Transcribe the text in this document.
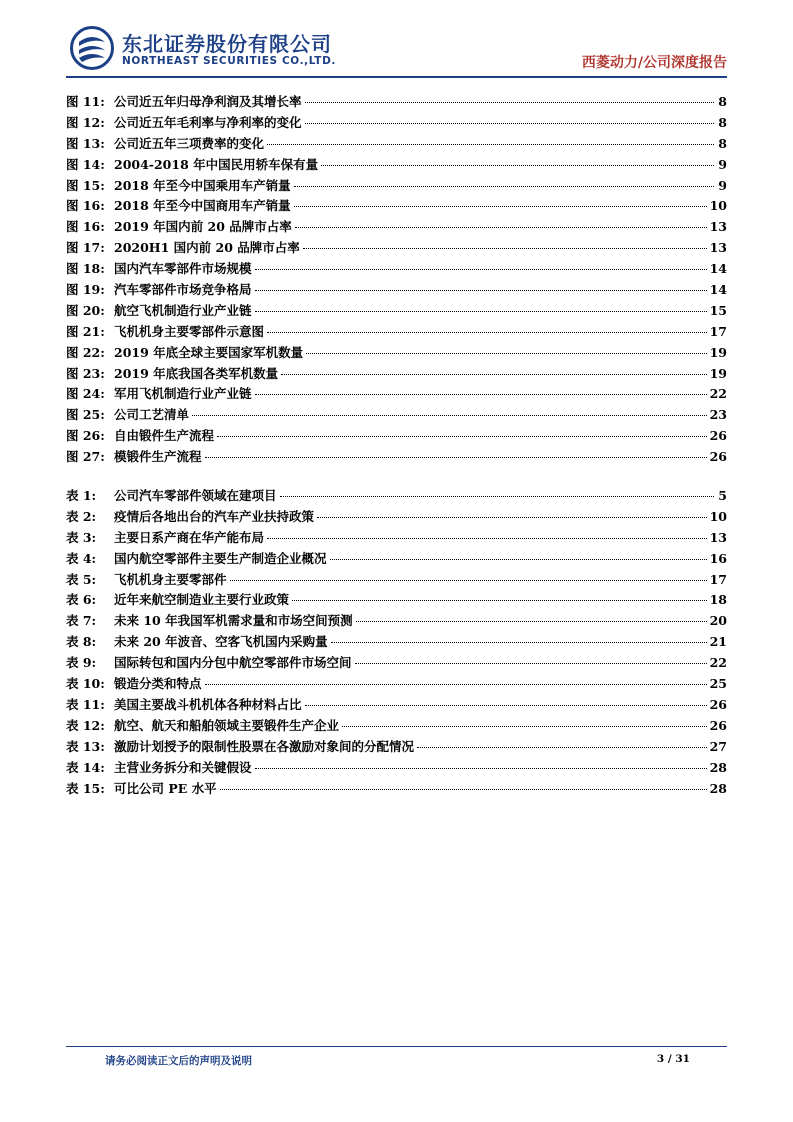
东北证券股份有限公司
NORTHEAST SECURITIES CO.,LTD.	西菱动力/公司深度报告
图 11: 公司近五年归母净利润及其增长率	8
图 12: 公司近五年毛利率与净利率的变化	8
图 13: 公司近五年三项费率的变化	8
图 14: 2004-2018 年中国民用轿车保有量	9
图 15: 2018 年至今中国乘用车产销量	9
图 16: 2018 年至今中国商用车产销量	10
图 16: 2019 年国内前 20 品牌市占率	13
图 17: 2020H1 国内前 20 品牌市占率	13
图 18: 国内汽车零部件市场规模	14
图 19: 汽车零部件市场竞争格局	14
图 20: 航空飞机制造行业产业链	15
图 21: 飞机机身主要零部件示意图	17
图 22: 2019 年底全球主要国家军机数量	19
图 23: 2019 年底我国各类军机数量	19
图 24: 军用飞机制造行业产业链	22
图 25: 公司工艺清单	23
图 26: 自由锻件生产流程	26
图 27: 模锻件生产流程	26
表 1:	公司汽车零部件领域在建项目	5
表 2:	疫情后各地出台的汽车产业扶持政策	10
表 3:	主要日系产商在华产能布局	13
表 4:	国内航空零部件主要生产制造企业概况	16
表 5:	飞机机身主要零部件	17
表 6:	近年来航空制造业主要行业政策	18
表 7:	未来 10 年我国军机需求量和市场空间预测	20
表 8:	未来 20 年波音、空客飞机国内采购量	21
表 9:	国际转包和国内分包中航空零部件市场空间	22
表 10: 锻造分类和特点	25
表 11: 美国主要战斗机机体各种材料占比	26
表 12: 航空、航天和船舶领域主要锻件生产企业	26
表 13: 激励计划授予的限制性股票在各激励对象间的分配情况	27
表 14: 主营业务拆分和关键假设	28
表 15: 可比公司 PE 水平	28
请务必阅读正文后的声明及说明	3 / 31
